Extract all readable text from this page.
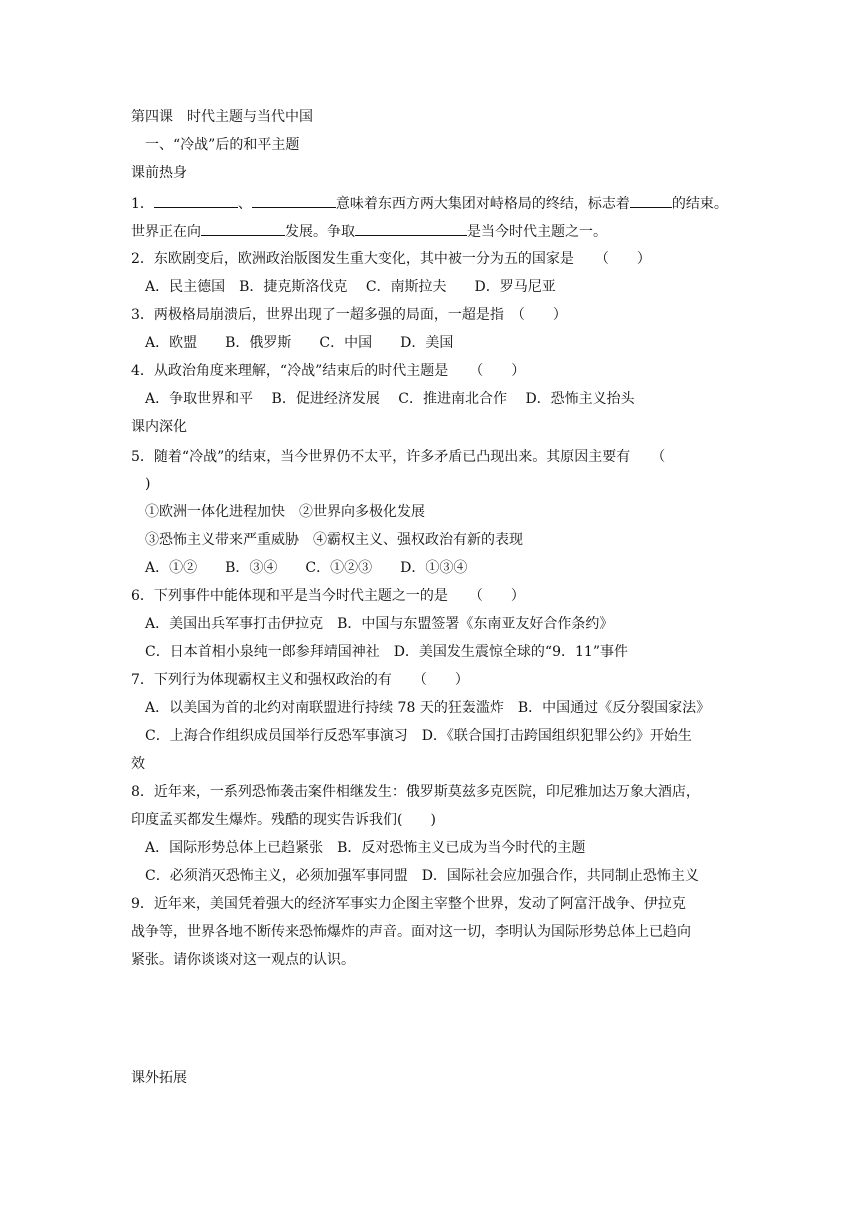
第四课　时代主题与当代中国
一、“冷战”后的和平主题
课前热身
1．	、	意味着东西方两大集团对峙格局的终结，标志着	的结束。
世界正在向	发展。争取	是当今时代主题之一。
2．东欧剧变后，欧洲政治版图发生重大变化，其中被一分为五的国家是　　（　　）
A．民主德国　B．捷克斯洛伐克　 C．南斯拉夫　　D．罗马尼亚
3．两极格局崩溃后，世界出现了一超多强的局面，一超是指　（　　）
A．欧盟　　B．俄罗斯　　C．中国　　D．美国
4．从政治角度来理解，“冷战”结束后的时代主题是　　（　　）
A．争取世界和平　 B．促进经济发展　 C．推进南北合作　 D．恐怖主义抬头
课内深化
5．随着“冷战”的结束，当今世界仍不太平，许多矛盾已凸现出来。其原因主要有　　（
)
①欧洲一体化进程加快　②世界向多极化发展
③恐怖主义带来严重威胁　④霸权主义、强权政治有新的表现
A．①②　　B．③④　　C．①②③　　D．①③④
6．下列事件中能体现和平是当今时代主题之一的是　　（　　）
A．美国出兵军事打击伊拉克　B．中国与东盟签署《东南亚友好合作条约》
C．日本首相小泉纯一郎参拜靖国神社　D．美国发生震惊全球的“9．11”事件
7．下列行为体现霸权主义和强权政治的有　　（　　）
A．以美国为首的北约对南联盟进行持续 78 天的狂轰滥炸　B．中国通过《反分裂国家法》
C．上海合作组织成员国举行反恐军事演习　D．《联合国打击跨国组织犯罪公约》开始生
效
8．近年来，一系列恐怖袭击案件相继发生：俄罗斯莫兹多克医院，印尼雅加达万象大酒店，
印度孟买都发生爆炸。残酷的现实告诉我们(　　)
A．国际形势总体上已趋紧张　B．反对恐怖主义已成为当今时代的主题
C．必须消灭恐怖主义，必须加强军事同盟　D．国际社会应加强合作，共同制止恐怖主义
9．近年来，美国凭着强大的经济军事实力企图主宰整个世界，发动了阿富汗战争、伊拉克
战争等，世界各地不断传来恐怖爆炸的声音。面对这一切，李明认为国际形势总体上已趋向
紧张。请你谈谈对这一观点的认识。
课外拓展
